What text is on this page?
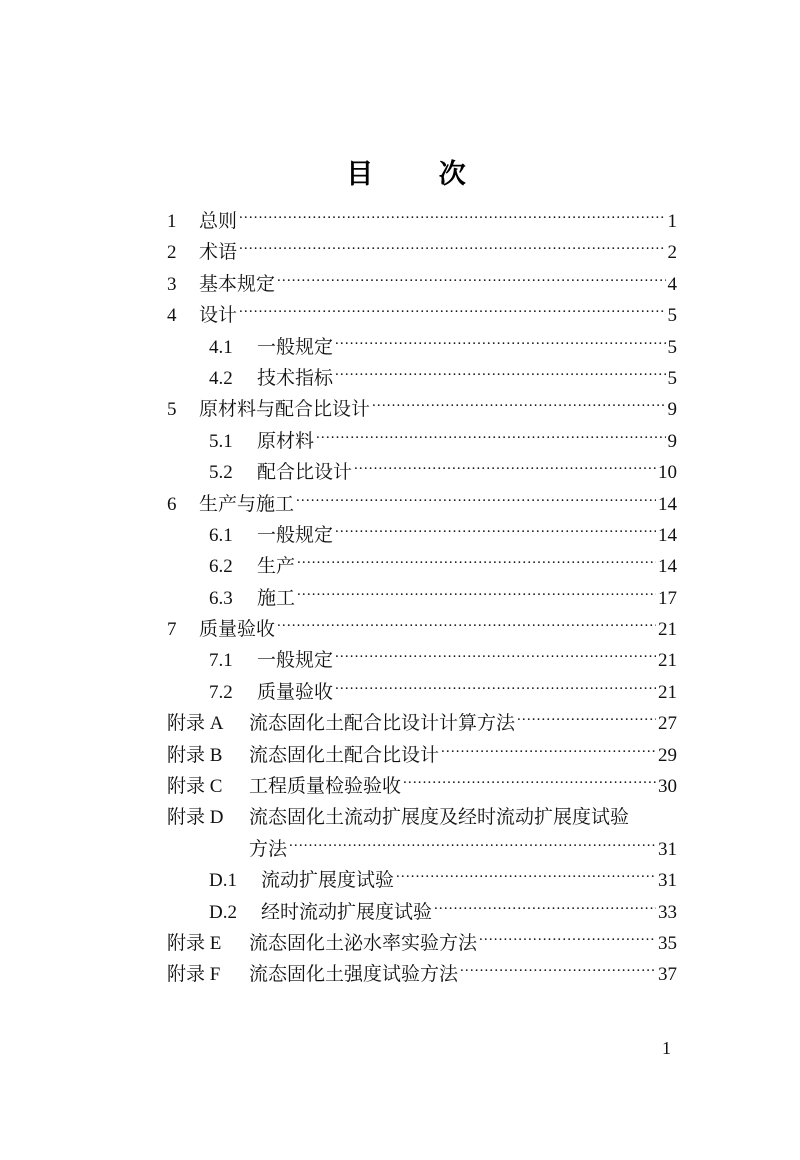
目 次
1	总则 . . .	1
2	术语 . . .	2
3	基本规定 . . .	4
4	设计 . . .	5
4.1	一般规定 . . .	5
4.2	技术指标 . . .	5
5	原材料与配合比设计 . . .	9
5.1	原材料 . . .	9
5.2	配合比设计 . . .	10
6	生产与施工 . . .	14
6.1	一般规定 . . .	14
6.2	生产 . . .	14
6.3	施工 . . .	17
7	质量验收 . . .	21
7.1	一般规定 . . .	21
7.2	质量验收 . . .	21
附录 A	流态固化土配合比设计计算方法 . . .	27
附录 B	流态固化土配合比设计 . . .	29
附录 C	工程质量检验验收 . . .	30
附录 D	流态固化土流动扩展度及经时流动扩展度试验
方法 . . .	31
D.1	流动扩展度试验 . . .	31
D.2	经时流动扩展度试验 . . .	33
附录 E	流态固化土泌水率实验方法 . . .	35
附录 F	流态固化土强度试验方法 . . .	37
1
